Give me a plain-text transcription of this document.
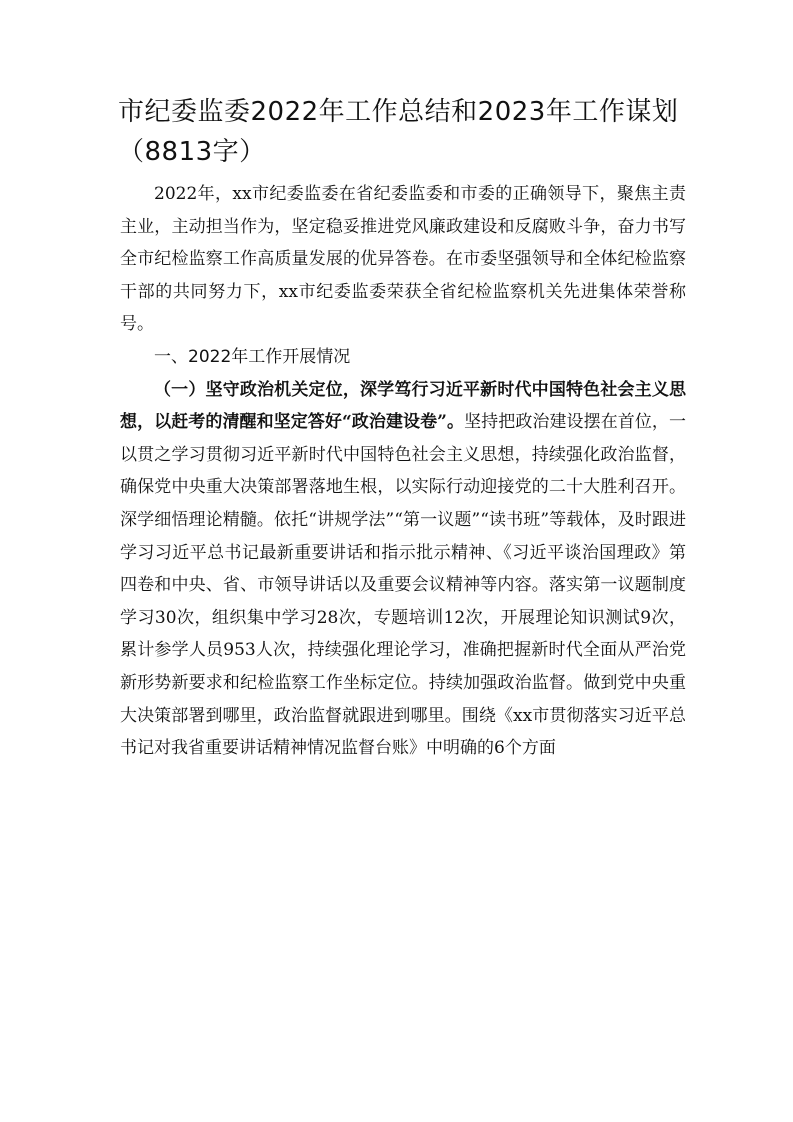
市纪委监委2022年工作总结和2023年工作谋划（8813字）

2022年，xx市纪委监委在省纪委监委和市委的正确领导下，聚焦主责主业，主动担当作为，坚定稳妥推进党风廉政建设和反腐败斗争，奋力书写全市纪检监察工作高质量发展的优异答卷。在市委坚强领导和全体纪检监察干部的共同努力下，xx市纪委监委荣获全省纪检监察机关先进集体荣誉称号。

一、2022年工作开展情况

（一）坚守政治机关定位，深学笃行习近平新时代中国特色社会主义思想，以赶考的清醒和坚定答好“政治建设卷”。坚持把政治建设摆在首位，一以贯之学习贯彻习近平新时代中国特色社会主义思想，持续强化政治监督，确保党中央重大决策部署落地生根，以实际行动迎接党的二十大胜利召开。深学细悟理论精髓。依托“讲规学法”“第一议题”“读书班”等载体，及时跟进学习习近平总书记最新重要讲话和指示批示精神、《习近平谈治国理政》第四卷和中央、省、市领导讲话以及重要会议精神等内容。落实第一议题制度学习30次，组织集中学习28次，专题培训12次，开展理论知识测试9次，累计参学人员953人次，持续强化理论学习，准确把握新时代全面从严治党新形势新要求和纪检监察工作坐标定位。持续加强政治监督。做到党中央重大决策部署到哪里，政治监督就跟进到哪里。围绕《xx市贯彻落实习近平总书记对我省重要讲话精神情况监督台账》中明确的6个方面
